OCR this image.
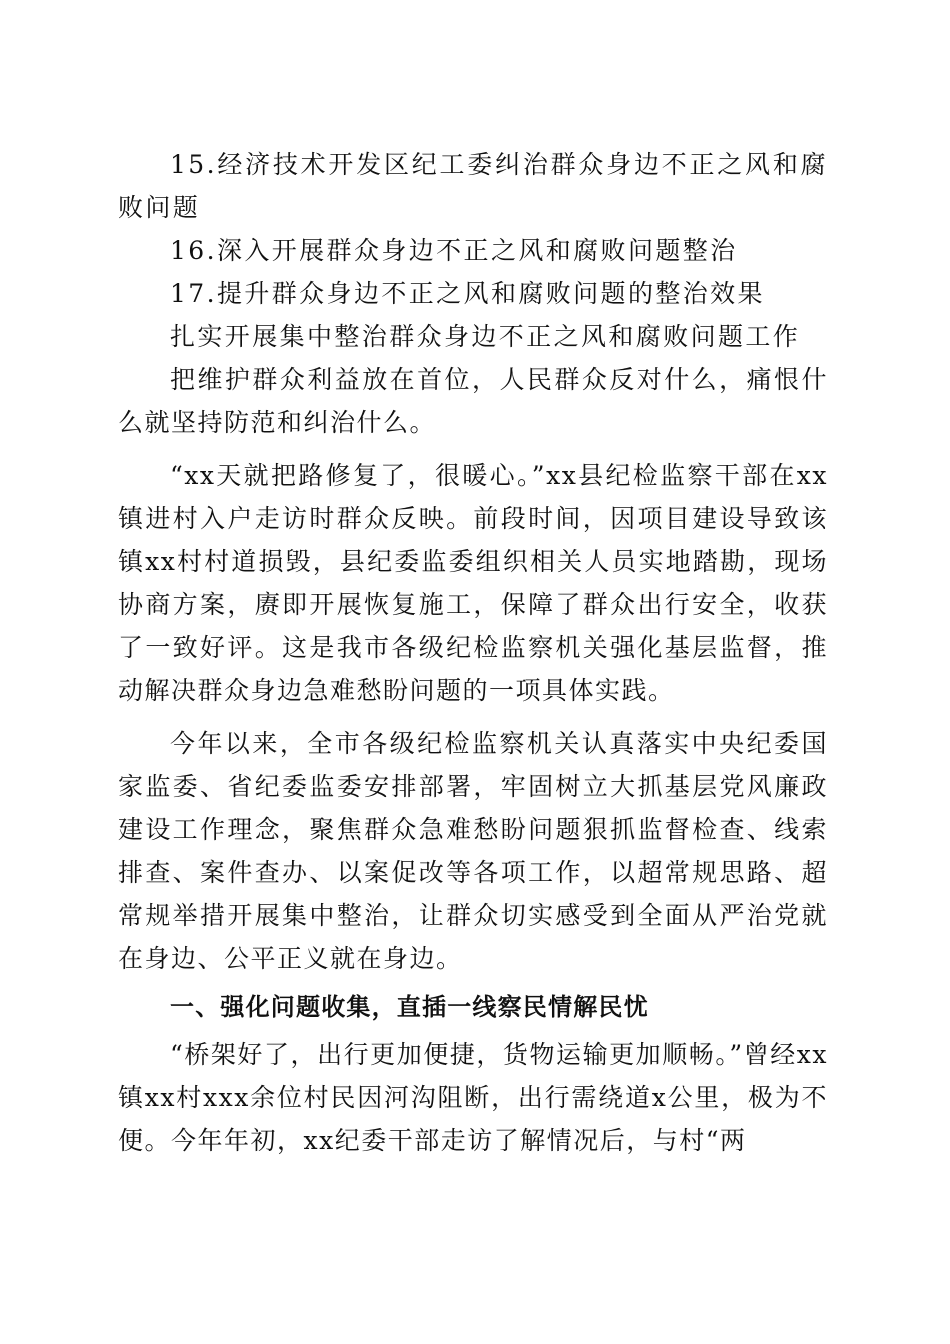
15.经济技术开发区纪工委纠治群众身边不正之风和腐败问题

16.深入开展群众身边不正之风和腐败问题整治

17.提升群众身边不正之风和腐败问题的整治效果

扎实开展集中整治群众身边不正之风和腐败问题工作

把维护群众利益放在首位，人民群众反对什么，痛恨什么就坚持防范和纠治什么。

“xx天就把路修复了，很暖心。”xx县纪检监察干部在xx镇进村入户走访时群众反映。前段时间，因项目建设导致该镇xx村村道损毁，县纪委监委组织相关人员实地踏勘，现场协商方案，赓即开展恢复施工，保障了群众出行安全，收获了一致好评。这是我市各级纪检监察机关强化基层监督，推动解决群众身边急难愁盼问题的一项具体实践。

今年以来，全市各级纪检监察机关认真落实中央纪委国家监委、省纪委监委安排部署，牢固树立大抓基层党风廉政建设工作理念，聚焦群众急难愁盼问题狠抓监督检查、线索排查、案件查办、以案促改等各项工作，以超常规思路、超常规举措开展集中整治，让群众切实感受到全面从严治党就在身边、公平正义就在身边。

一、强化问题收集，直插一线察民情解民忧

“桥架好了，出行更加便捷，货物运输更加顺畅。”曾经xx镇xx村xxx余位村民因河沟阻断，出行需绕道x公里，极为不便。今年年初，xx纪委干部走访了解情况后，与村“两
